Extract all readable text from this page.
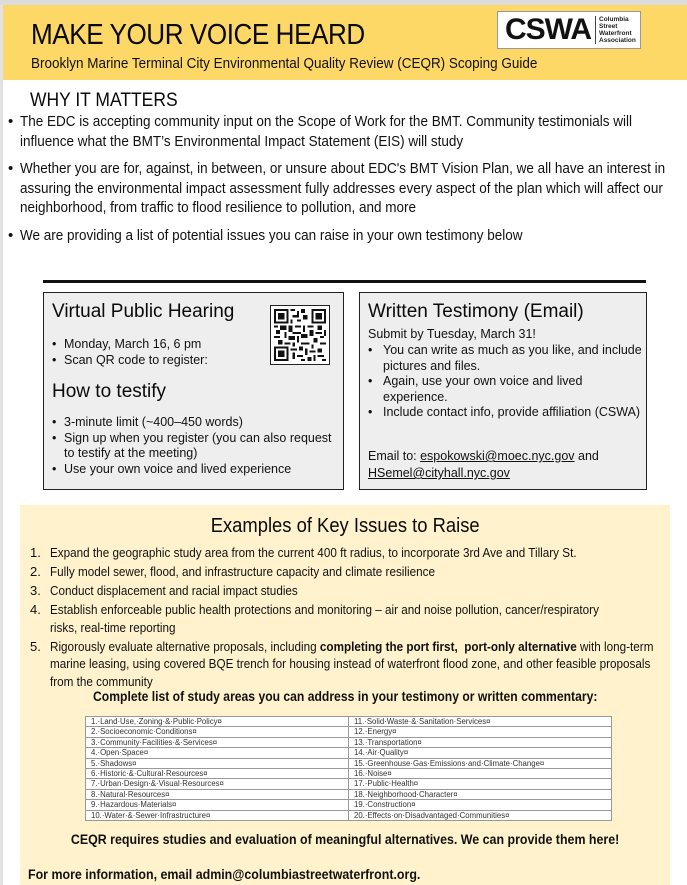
MAKE YOUR VOICE HEARD
Brooklyn Marine Terminal City Environmental Quality Review (CEQR) Scoping Guide
CSWA Columbia
Street
Waterfront
Association
WHY IT MATTERS
• The EDC is accepting community input on the Scope of Work for the BMT. Community testimonials will influence what the BMT’s Environmental Impact Statement (EIS) will study
• Whether you are for, against, in between, or unsure about EDC's BMT Vision Plan, we all have an interest in assuring the environmental impact assessment fully addresses every aspect of the plan which will affect our neighborhood, from traffic to flood resilience to pollution, and more
• We are providing a list of potential issues you can raise in your own testimony below
Virtual Public Hearing
• Monday, March 16, 6 pm
• Scan QR code to register:
How to testify
• 3-minute limit (~400–450 words)
• Sign up when you register (you can also request to testify at the meeting)
• Use your own voice and lived experience
Written Testimony (Email)
Submit by Tuesday, March 31!
• You can write as much as you like, and include pictures and files.
• Again, use your own voice and lived experience.
• Include contact info, provide affiliation (CSWA)
Email to: espokowski@moec.nyc.gov and HSemel@cityhall.nyc.gov
Examples of Key Issues to Raise
1. Expand the geographic study area from the current 400 ft radius, to incorporate 3rd Ave and Tillary St.
2. Fully model sewer, flood, and infrastructure capacity and climate resilience
3. Conduct displacement and racial impact studies
4. Establish enforceable public health protections and monitoring – air and noise pollution, cancer/respiratory risks, real-time reporting
5. Rigorously evaluate alternative proposals, including completing the port first, port-only alternative with long-term marine leasing, using covered BQE trench for housing instead of waterfront flood zone, and other feasible proposals from the community
Complete list of study areas you can address in your testimony or written commentary:
1.·Land·Use,·Zoning·&·Public·Policy¤	11.·Solid·Waste·&·Sanitation·Services¤
2.·Socioeconomic·Conditions¤	12.·Energy¤
3.·Community·Facilities·&·Services¤	13.·Transportation¤
4.·Open·Space¤	14.·Air·Quality¤
5.·Shadows¤	15.·Greenhouse·Gas·Emissions·and·Climate·Change¤
6.·Historic·&·Cultural·Resources¤	16.·Noise¤
7.·Urban·Design·&·Visual·Resources¤	17.·Public·Health¤
8.·Natural·Resources¤	18.·Neighborhood·Character¤
9.·Hazardous·Materials¤	19.·Construction¤
10.·Water·&·Sewer·Infrastructure¤	20.·Effects·on·Disadvantaged·Communities¤
CEQR requires studies and evaluation of meaningful alternatives. We can provide them here!
For more information, email admin@columbiastreetwaterfront.org.
